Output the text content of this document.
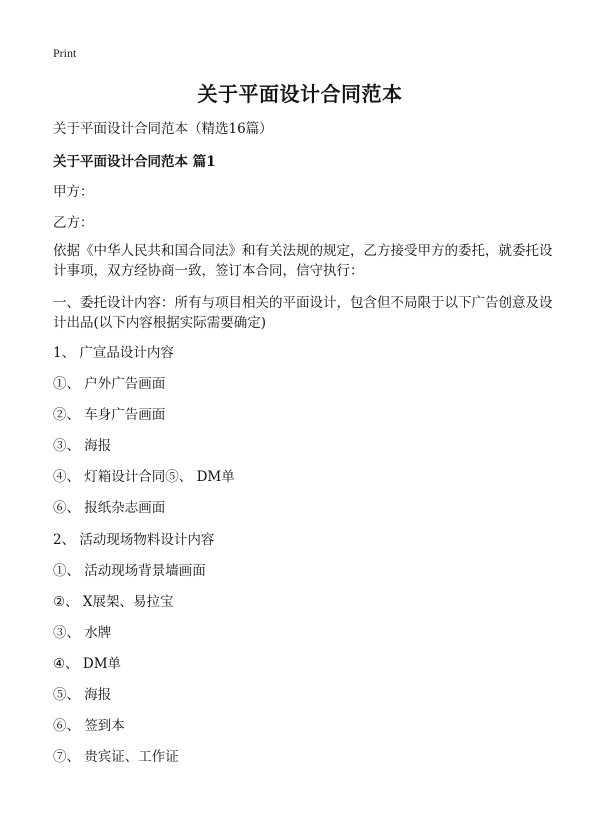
Print
关于平面设计合同范本
关于平面设计合同范本（精选16篇）
关于平面设计合同范本 篇1
甲方：
乙方：
依据《中华人民共和国合同法》和有关法规的规定，乙方接受甲方的委托，就委托设计事项，双方经协商一致，签订本合同，信守执行：
一、委托设计内容：所有与项目相关的平面设计，包含但不局限于以下广告创意及设计出品(以下内容根据实际需要确定)
1、 广宣品设计内容
①、 户外广告画面
②、 车身广告画面
③、 海报
④、 灯箱设计合同⑤、 DM单
⑥、 报纸杂志画面
2、 活动现场物料设计内容
①、 活动现场背景墙画面
②、 X展架、易拉宝
③、 水牌
④、 DM单
⑤、 海报
⑥、 签到本
⑦、 贵宾证、工作证
